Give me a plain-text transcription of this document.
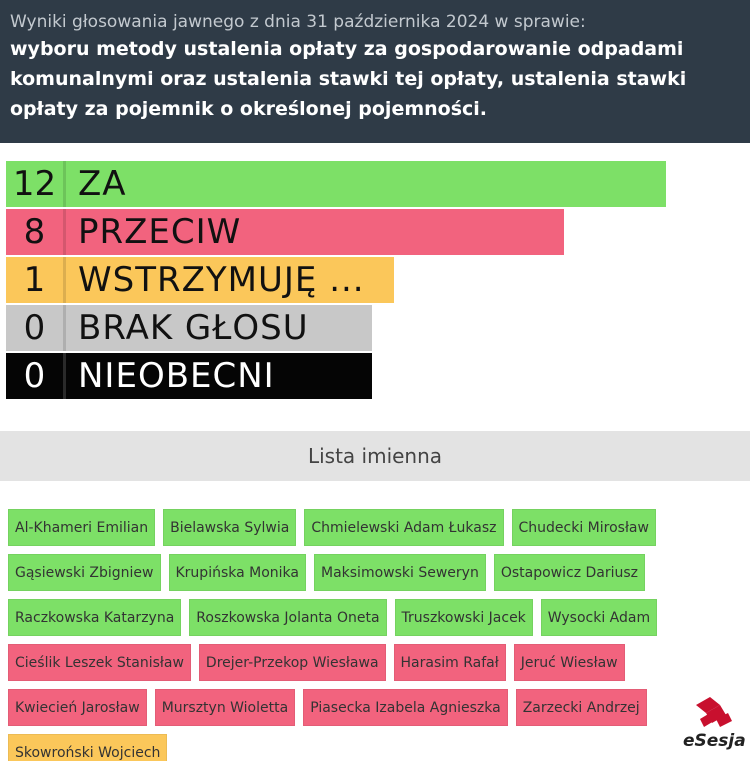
Wyniki głosowania jawnego z dnia 31 października 2024 w sprawie:
wyboru metody ustalenia opłaty za gospodarowanie odpadami komunalnymi oraz ustalenia stawki tej opłaty, ustalenia stawki opłaty za pojemnik o określonej pojemności.
12 ZA
8 PRZECIW
1 WSTRZYMUJĘ ...
0 BRAK GŁOSU
0 NIEOBECNI
Lista imienna
Al-Khameri Emilian	Bielawska Sylwia	Chmielewski Adam Łukasz	Chudecki Mirosław
Gąsiewski Zbigniew	Krupińska Monika	Maksimowski Seweryn	Ostapowicz Dariusz
Raczkowska Katarzyna	Roszkowska Jolanta Oneta	Truszkowski Jacek	Wysocki Adam
Cieślik Leszek Stanisław	Drejer-Przekop Wiesława	Harasim Rafał	Jeruć Wiesław
Kwiecień Jarosław	Mursztyn Wioletta	Piasecka Izabela Agnieszka	Zarzecki Andrzej
Skowroński Wojciech
eSesja
